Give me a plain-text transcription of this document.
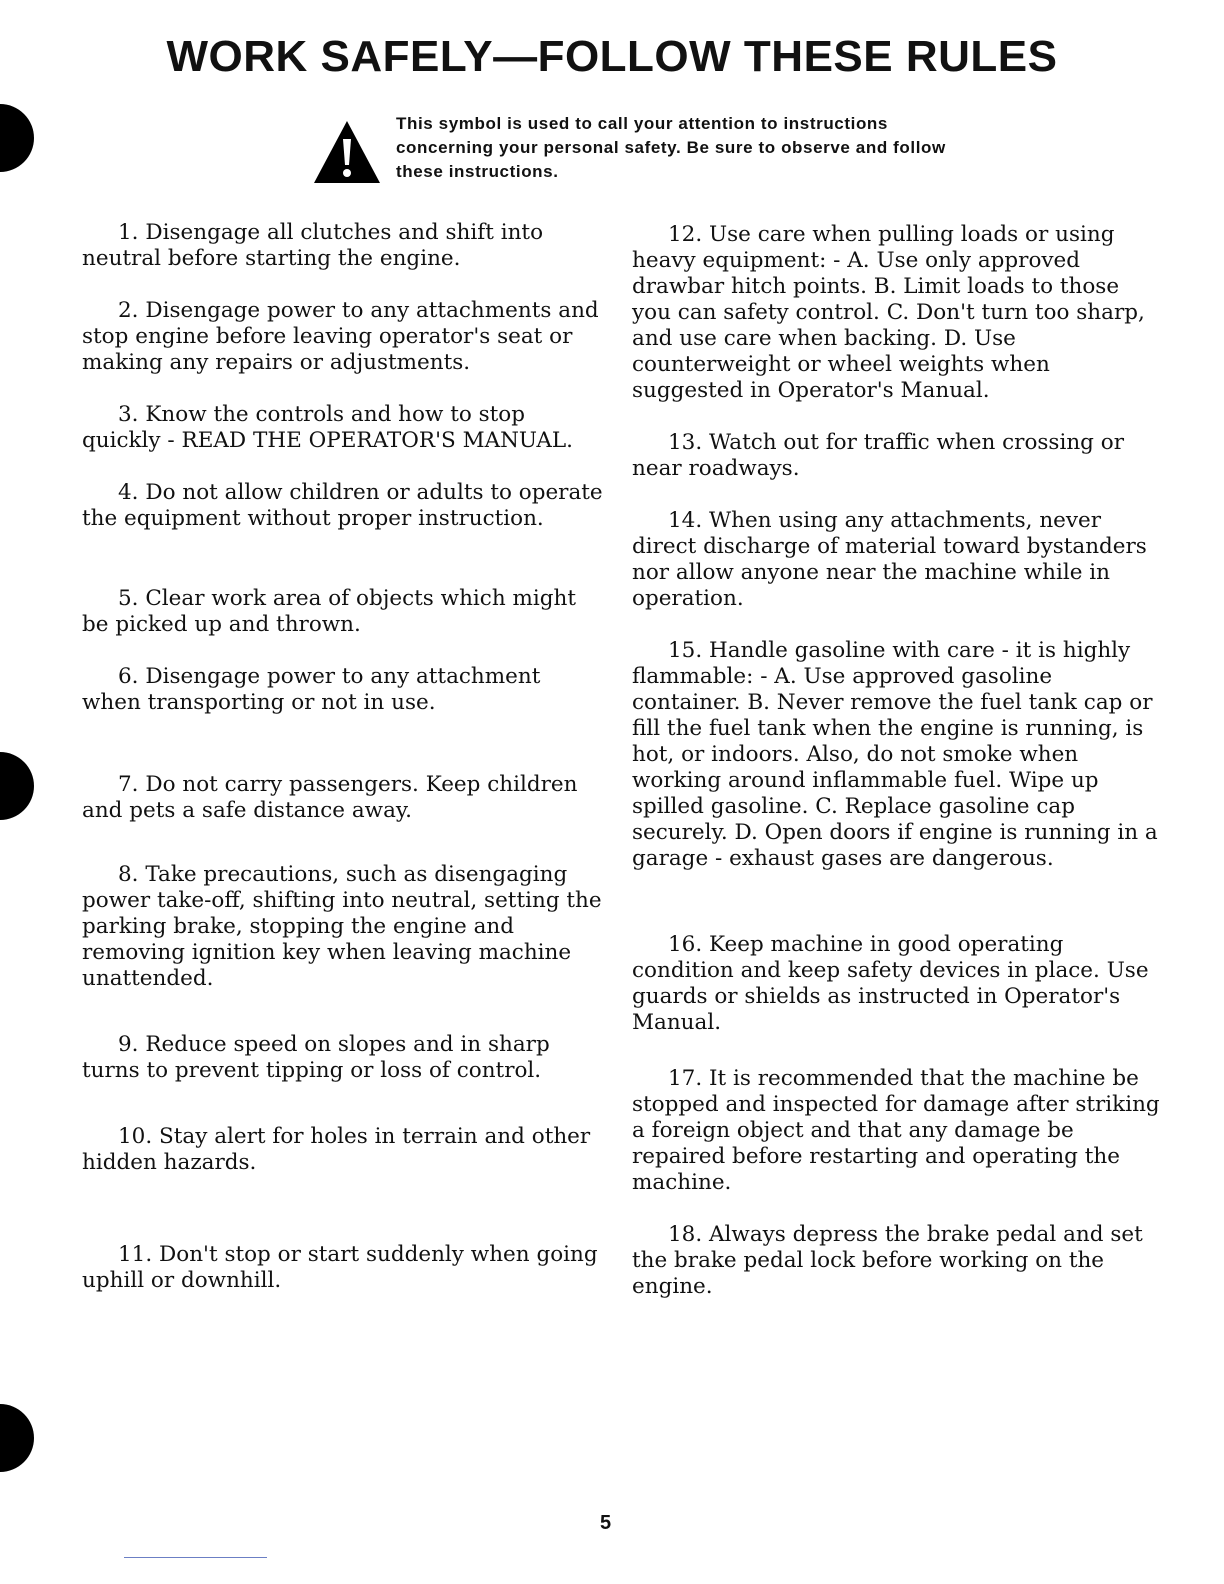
WORK SAFELY—FOLLOW THESE RULES
This symbol is used to call your attention to instructions concerning your personal safety. Be sure to observe and follow these instructions.

1. Disengage all clutches and shift into neutral before starting the engine.

2. Disengage power to any attachments and stop engine before leaving operator's seat or making any repairs or adjustments.

3. Know the controls and how to stop quickly - READ THE OPERATOR'S MANUAL.

4. Do not allow children or adults to operate the equipment without proper instruction.

5. Clear work area of objects which might be picked up and thrown.

6. Disengage power to any attachment when transporting or not in use.

7. Do not carry passengers. Keep children and pets a safe distance away.

8. Take precautions, such as disengaging power take-off, shifting into neutral, setting the parking brake, stopping the engine and removing ignition key when leaving machine unattended.

9. Reduce speed on slopes and in sharp turns to prevent tipping or loss of control.

10. Stay alert for holes in terrain and other hidden hazards.

11. Don't stop or start suddenly when going uphill or downhill.

12. Use care when pulling loads or using heavy equipment: - A. Use only approved drawbar hitch points. B. Limit loads to those you can safety control. C. Don't turn too sharp, and use care when backing. D. Use counterweight or wheel weights when suggested in Operator's Manual.

13. Watch out for traffic when crossing or near roadways.

14. When using any attachments, never direct discharge of material toward bystanders nor allow anyone near the machine while in operation.

15. Handle gasoline with care - it is highly flammable: - A. Use approved gasoline container. B. Never remove the fuel tank cap or fill the fuel tank when the engine is running, is hot, or indoors. Also, do not smoke when working around inflammable fuel. Wipe up spilled gasoline. C. Replace gasoline cap securely. D. Open doors if engine is running in a garage - exhaust gases are dangerous.

16. Keep machine in good operating condition and keep safety devices in place. Use guards or shields as instructed in Operator's Manual.

17. It is recommended that the machine be stopped and inspected for damage after striking a foreign object and that any damage be repaired before restarting and operating the machine.

18. Always depress the brake pedal and set the brake pedal lock before working on the engine.

5
